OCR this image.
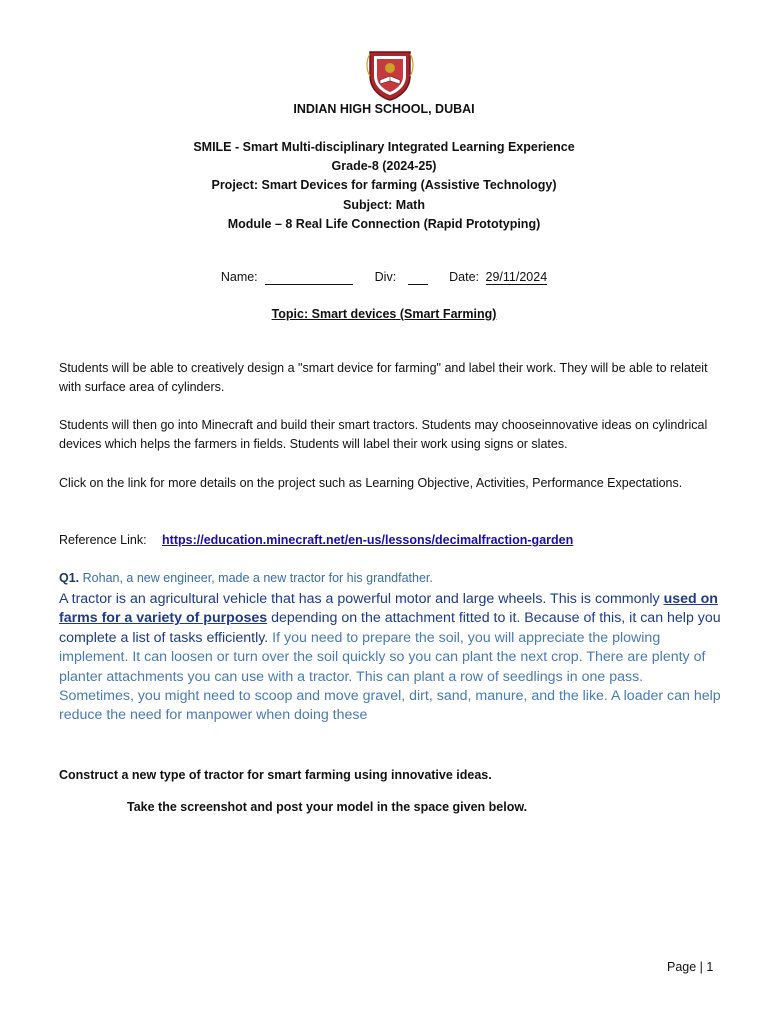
INDIAN HIGH SCHOOL, DUBAI
SMILE - Smart Multi-disciplinary Integrated Learning Experience
Grade-8 (2024-25)
Project: Smart Devices for farming (Assistive Technology)
Subject: Math
Module – 8 Real Life Connection (Rapid Prototyping)
Name:	Div:	Date: 29/11/2024
Topic: Smart devices (Smart Farming)

Students will be able to creatively design a "smart device for farming" and label their work. They will be able to relateit with surface area of cylinders.

Students will then go into Minecraft and build their smart tractors. Students may chooseinnovative ideas on cylindrical devices which helps the farmers in fields. Students will label their work using signs or slates.

Click on the link for more details on the project such as Learning Objective, Activities, Performance Expectations.

Reference Link: https://education.minecraft.net/en-us/lessons/decimalfraction-garden
Q1. Rohan, a new engineer, made a new tractor for his grandfather.
A tractor is an agricultural vehicle that has a powerful motor and large wheels. This is commonly used on farms for a variety of purposes depending on the attachment fitted to it. Because of this, it can help you complete a list of tasks efficiently. If you need to prepare the soil, you will appreciate the plowing implement. It can loosen or turn over the soil quickly so you can plant the next crop. There are plenty of planter attachments you can use with a tractor. This can plant a row of seedlings in one pass. Sometimes, you might need to scoop and move gravel, dirt, sand, manure, and the like. A loader can help reduce the need for manpower when doing these
Construct a new type of tractor for smart farming using innovative ideas.
Take the screenshot and post your model in the space given below.
Page | 1
